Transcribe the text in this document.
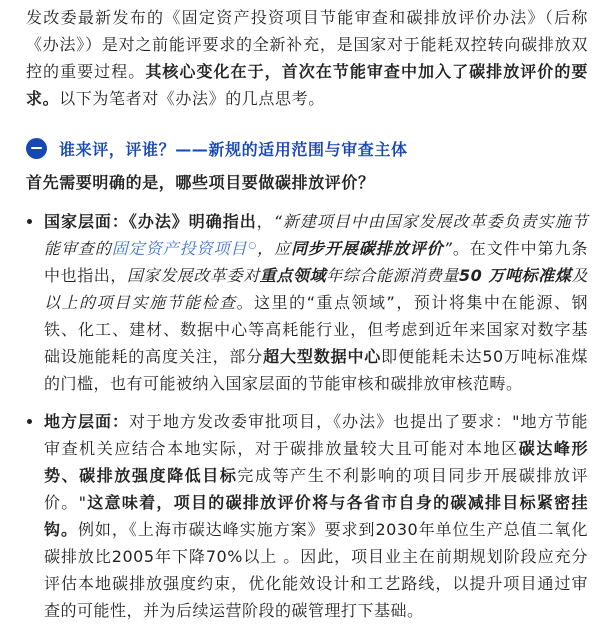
发改委最新发布的《固定资产投资项目节能审查和碳排放评价办法》（后称《办法》）是对之前能评要求的全新补充，是国家对于能耗双控转向碳排放双控的重要过程。其核心变化在于，首次在节能审查中加入了碳排放评价的要求。以下为笔者对《办法》的几点思考。

谁来评，评谁？——新规的适用范围与审查主体

首先需要明确的是，哪些项目要做碳排放评价？

国家层面：《办法》明确指出，“新建项目中由国家发展改革委负责实施节能审查的固定资产投资项目○，应同步开展碳排放评价”。在文件中第九条中也指出，国家发展改革委对重点领域年综合能源消费量50 万吨标准煤及以上的项目实施节能检查。这里的“重点领域”，预计将集中在能源、钢铁、化工、建材、数据中心等高耗能行业，但考虑到近年来国家对数字基础设施能耗的高度关注，部分超大型数据中心即便能耗未达50万吨标准煤的门槛，也有可能被纳入国家层面的节能审核和碳排放审核范畴。
地方层面：对于地方发改委审批项目，《办法》也提出了要求："地方节能审查机关应结合本地实际，对于碳排放量较大且可能对本地区碳达峰形势、碳排放强度降低目标完成等产生不利影响的项目同步开展碳排放评价。"这意味着，项目的碳排放评价将与各省市自身的碳减排目标紧密挂钩。例如，《上海市碳达峰实施方案》要求到2030年单位生产总值二氧化碳排放比2005年下降70%以上 。因此，项目业主在前期规划阶段应充分评估本地碳排放强度约束，优化能效设计和工艺路线，以提升项目通过审查的可能性，并为后续运营阶段的碳管理打下基础。
